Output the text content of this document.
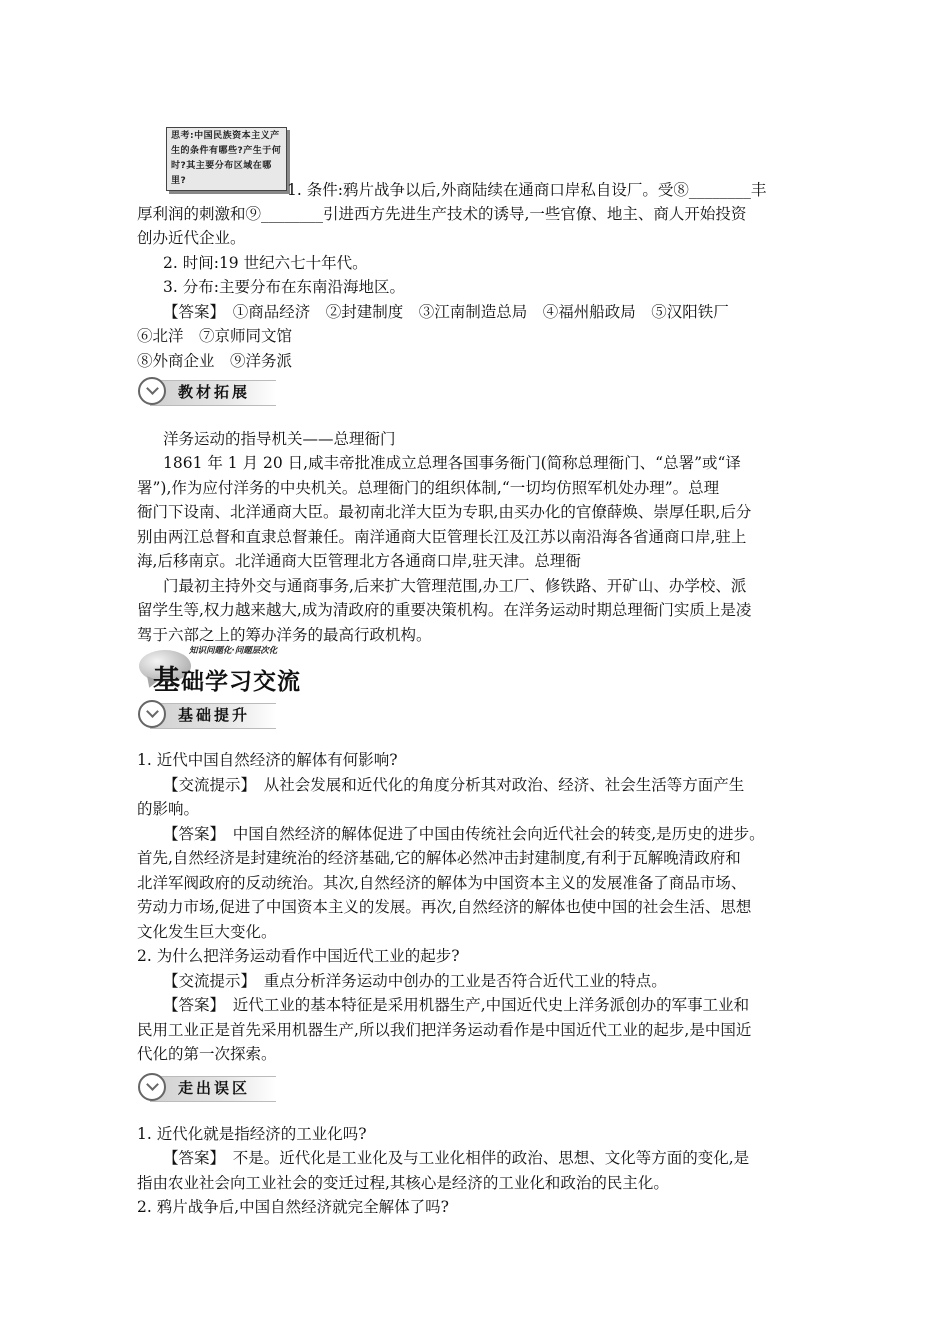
思考:中国民族资本主义产生的条件有哪些?产生于何时?其主要分布区域在哪里?	1. 条件:鸦片战争以后,外商陆续在通商口岸私自设厂。受⑧________丰
厚利润的刺激和⑨________引进西方先进生产技术的诱导,一些官僚、地主、商人开始投资
创办近代企业。
2. 时间:19 世纪六七十年代。
3. 分布:主要分布在东南沿海地区。
【答案】　①商品经济　②封建制度　③江南制造总局　④福州船政局　⑤汉阳铁厂
⑥北洋　⑦京师同文馆
⑧外商企业　⑨洋务派
教材拓展
洋务运动的指导机关——总理衙门
1861 年 1 月 20 日,咸丰帝批准成立总理各国事务衙门(简称总理衙门、“总署”或“译
署”),作为应付洋务的中央机关。总理衙门的组织体制,“一切均仿照军机处办理”。总理
衙门下设南、北洋通商大臣。最初南北洋大臣为专职,由买办化的官僚薛焕、崇厚任职,后分
别由两江总督和直隶总督兼任。南洋通商大臣管理长江及江苏以南沿海各省通商口岸,驻上
海,后移南京。北洋通商大臣管理北方各通商口岸,驻天津。总理衙
门最初主持外交与通商事务,后来扩大管理范围,办工厂、修铁路、开矿山、办学校、派
留学生等,权力越来越大,成为清政府的重要决策机构。在洋务运动时期总理衙门实质上是凌
驾于六部之上的筹办洋务的最高行政机构。
知识问题化·问题层次化
基础学习交流
基础提升
1. 近代中国自然经济的解体有何影响?
【交流提示】　从社会发展和近代化的角度分析其对政治、经济、社会生活等方面产生
的影响。
【答案】　中国自然经济的解体促进了中国由传统社会向近代社会的转变,是历史的进步。
首先,自然经济是封建统治的经济基础,它的解体必然冲击封建制度,有利于瓦解晚清政府和
北洋军阀政府的反动统治。其次,自然经济的解体为中国资本主义的发展准备了商品市场、
劳动力市场,促进了中国资本主义的发展。再次,自然经济的解体也使中国的社会生活、思想
文化发生巨大变化。
2. 为什么把洋务运动看作中国近代工业的起步?
【交流提示】　重点分析洋务运动中创办的工业是否符合近代工业的特点。
【答案】　近代工业的基本特征是采用机器生产,中国近代史上洋务派创办的军事工业和
民用工业正是首先采用机器生产,所以我们把洋务运动看作是中国近代工业的起步,是中国近
代化的第一次探索。
走出误区
1. 近代化就是指经济的工业化吗?
【答案】　不是。近代化是工业化及与工业化相伴的政治、思想、文化等方面的变化,是
指由农业社会向工业社会的变迁过程,其核心是经济的工业化和政治的民主化。
2. 鸦片战争后,中国自然经济就完全解体了吗?
